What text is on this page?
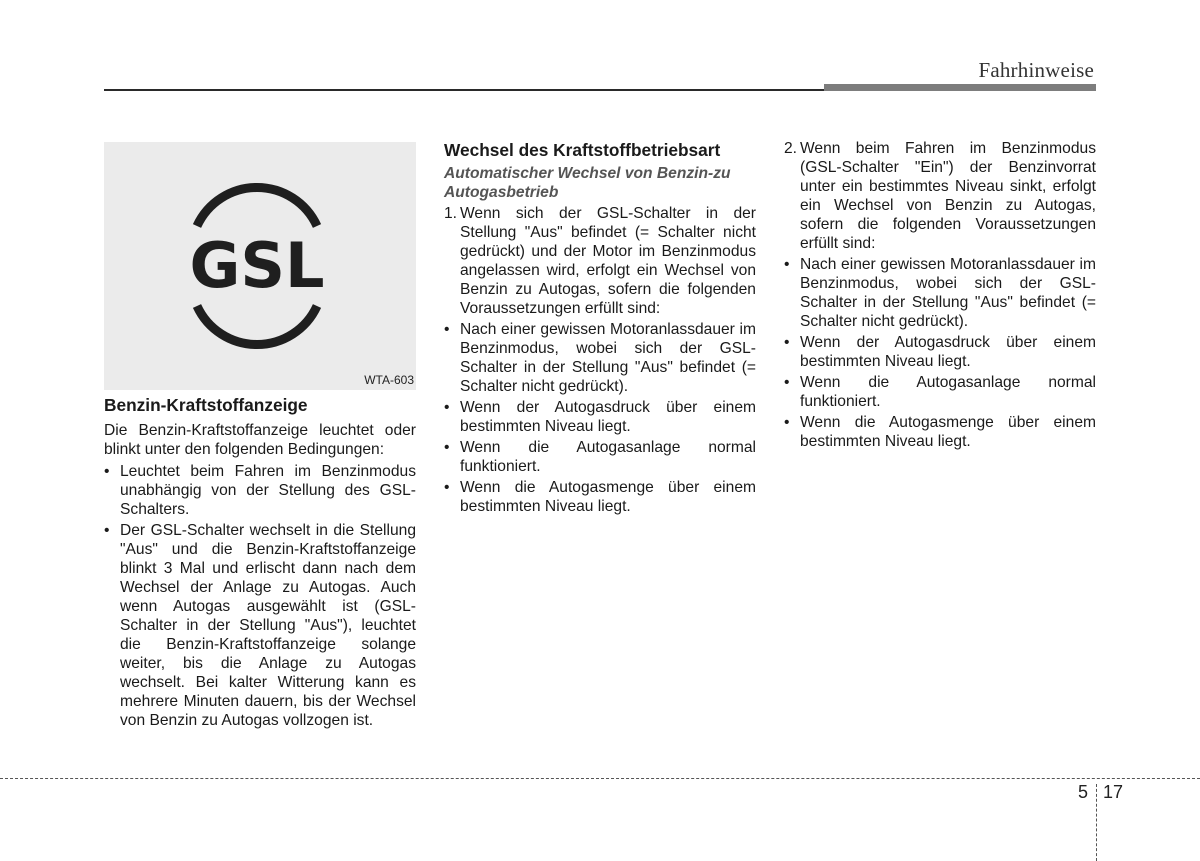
Fahrhinweise
GSL
WTA-603
Benzin-Kraftstoffanzeige
Die Benzin-Kraftstoffanzeige leuchtet oder blinkt unter den folgenden Bedingungen:
• Leuchtet beim Fahren im Benzinmodus unabhängig von der Stellung des GSL-Schalters.
• Der GSL-Schalter wechselt in die Stellung "Aus" und die Benzin-Kraftstoffanzeige blinkt 3 Mal und erlischt dann nach dem Wechsel der Anlage zu Autogas. Auch wenn Autogas ausgewählt ist (GSL-Schalter in der Stellung "Aus"), leuchtet die Benzin-Kraftstoffanzeige solange weiter, bis die Anlage zu Autogas wechselt. Bei kalter Witterung kann es mehrere Minuten dauern, bis der Wechsel von Benzin zu Autogas vollzogen ist.
Wechsel des Kraftstoffbetriebsart
Automatischer Wechsel von Benzin-zu Autogasbetrieb
1. Wenn sich der GSL-Schalter in der Stellung "Aus" befindet (= Schalter nicht gedrückt) und der Motor im Benzinmodus angelassen wird, erfolgt ein Wechsel von Benzin zu Autogas, sofern die folgenden Voraussetzungen erfüllt sind:
• Nach einer gewissen Motoranlassdauer im Benzinmodus, wobei sich der GSL-Schalter in der Stellung "Aus" befindet (= Schalter nicht gedrückt).
• Wenn der Autogasdruck über einem bestimmten Niveau liegt.
• Wenn die Autogasanlage normal funktioniert.
• Wenn die Autogasmenge über einem bestimmten Niveau liegt.
2. Wenn beim Fahren im Benzinmodus (GSL-Schalter "Ein") der Benzinvorrat unter ein bestimmtes Niveau sinkt, erfolgt ein Wechsel von Benzin zu Autogas, sofern die folgenden Voraussetzungen erfüllt sind:
• Nach einer gewissen Motoranlassdauer im Benzinmodus, wobei sich der GSL-Schalter in der Stellung "Aus" befindet (= Schalter nicht gedrückt).
• Wenn der Autogasdruck über einem bestimmten Niveau liegt.
• Wenn die Autogasanlage normal funktioniert.
• Wenn die Autogasmenge über einem bestimmten Niveau liegt.
5 17
